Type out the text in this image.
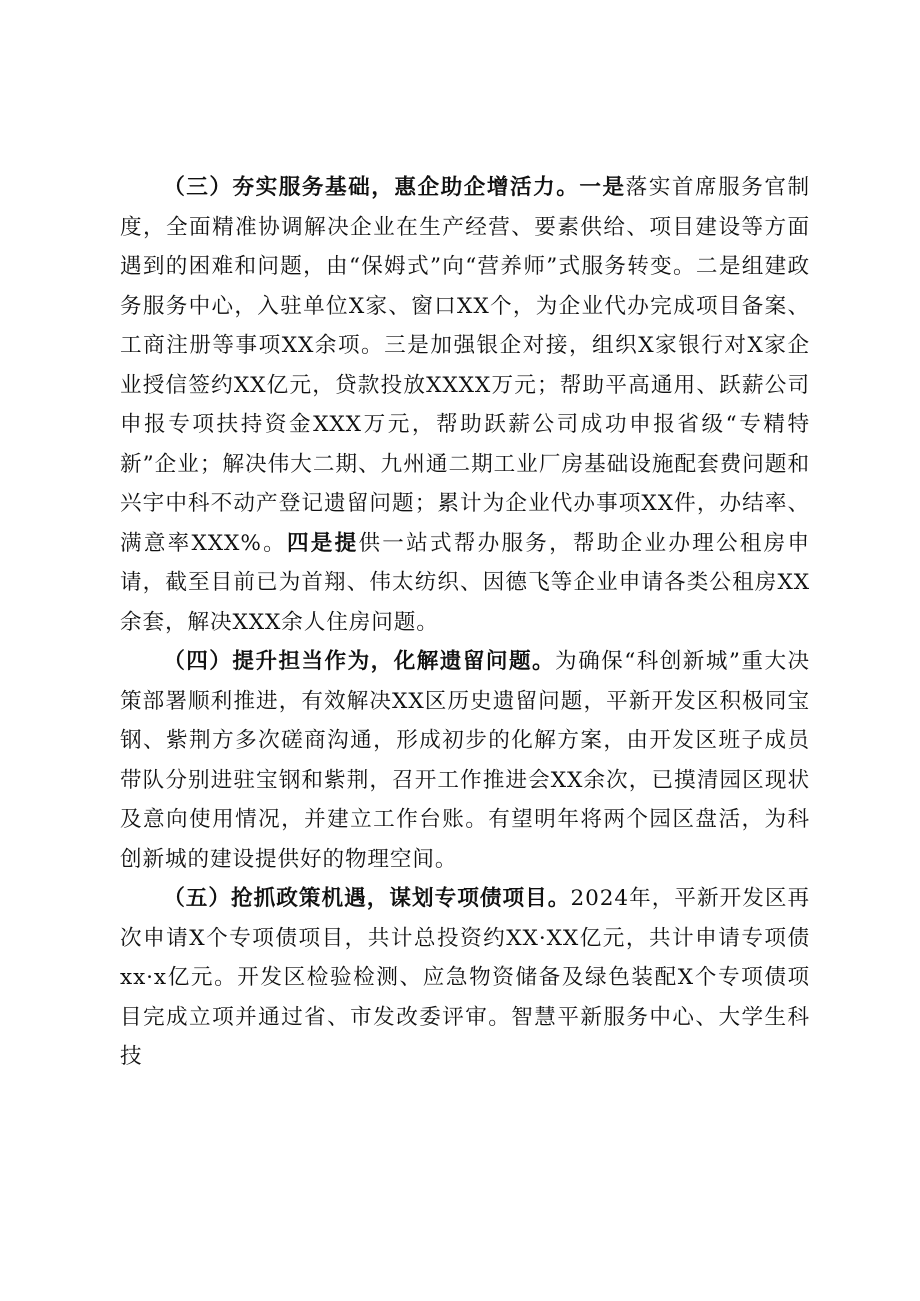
（三）夯实服务基础，惠企助企增活力。一是落实首席服务官制度，全面精准协调解决企业在生产经营、要素供给、项目建设等方面遇到的困难和问题，由“保姆式”向“营养师”式服务转变。二是组建政务服务中心，入驻单位X家、窗口XX个，为企业代办完成项目备案、工商注册等事项XX余项。三是加强银企对接，组织X家银行对X家企业授信签约XX亿元，贷款投放XXXX万元；帮助平高通用、跃薪公司申报专项扶持资金XXX万元，帮助跃薪公司成功申报省级“专精特新”企业；解决伟大二期、九州通二期工业厂房基础设施配套费问题和兴宇中科不动产登记遗留问题；累计为企业代办事项XX件，办结率、满意率XXX%。四是提供一站式帮办服务，帮助企业办理公租房申请，截至目前已为首翔、伟太纺织、因德飞等企业申请各类公租房XX余套，解决XXX余人住房问题。

（四）提升担当作为，化解遗留问题。为确保“科创新城”重大决策部署顺利推进，有效解决XX区历史遗留问题，平新开发区积极同宝钢、紫荆方多次磋商沟通，形成初步的化解方案，由开发区班子成员带队分别进驻宝钢和紫荆，召开工作推进会XX余次，已摸清园区现状及意向使用情况，并建立工作台账。有望明年将两个园区盘活，为科创新城的建设提供好的物理空间。

（五）抢抓政策机遇，谋划专项债项目。2024年，平新开发区再次申请X个专项债项目，共计总投资约XX·XX亿元，共计申请专项债xx·x亿元。开发区检验检测、应急物资储备及绿色装配X个专项债项目完成立项并通过省、市发改委评审。智慧平新服务中心、大学生科技
